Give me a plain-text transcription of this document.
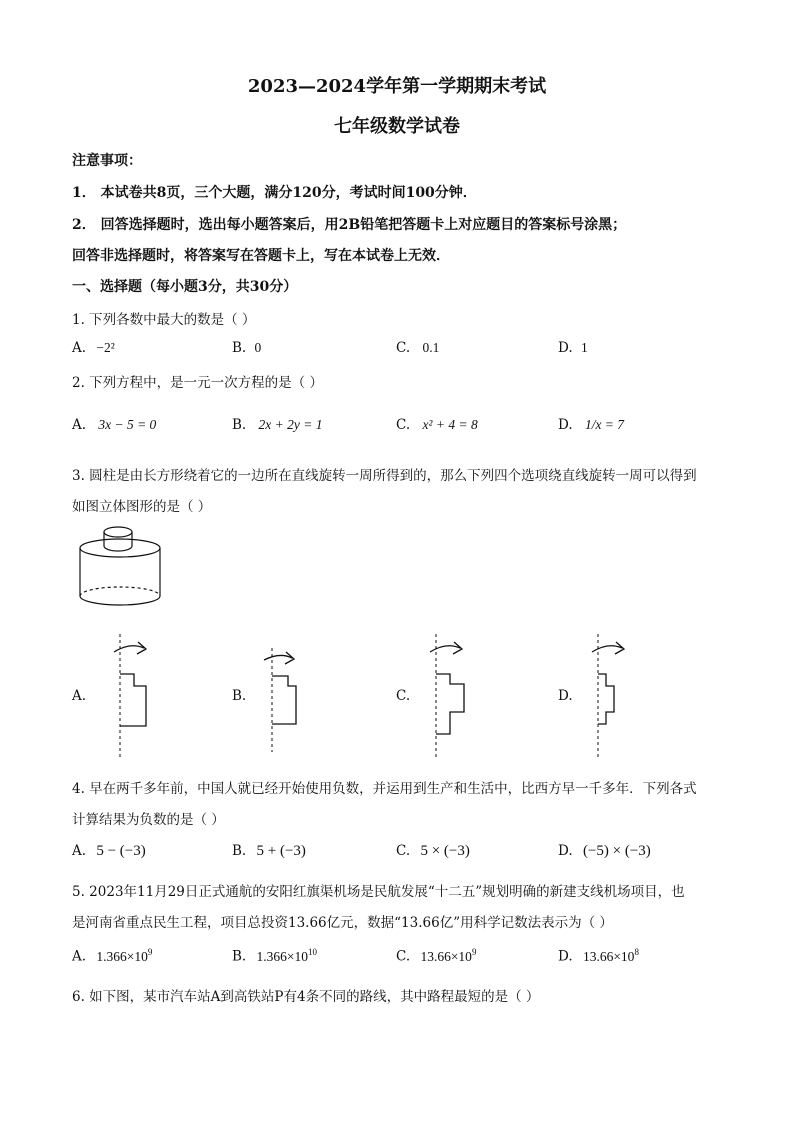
2023—2024学年第一学期期末考试
七年级数学试卷
注意事项：
1． 本试卷共8页，三个大题，满分120分，考试时间100分钟．
2． 回答选择题时，选出每小题答案后，用2B铅笔把答题卡上对应题目的答案标号涂黑；
回答非选择题时，将答案写在答题卡上，写在本试卷上无效．
一、选择题（每小题3分，共30分）
1. 下列各数中最大的数是（ ）
A. −2²	B. 0	C. 0.1	D. 1
2. 下列方程中，是一元一次方程的是（ ）
A. 3x − 5 = 0	B. 2x + 2y = 1	C. x² + 4 = 8	D. 1/x = 7
3. 圆柱是由长方形绕着它的一边所在直线旋转一周所得到的，那么下列四个选项绕直线旋转一周可以得到
如图立体图形的是（ ）
A.	B.	C.	D.
4. 早在两千多年前，中国人就已经开始使用负数，并运用到生产和生活中，比西方早一千多年．下列各式
计算结果为负数的是（ ）
A. 5 − (−3)	B. 5 + (−3)	C. 5 × (−3)	D. (−5) × (−3)
5. 2023年11月29日正式通航的安阳红旗渠机场是民航发展“十二五”规划明确的新建支线机场项目，也
是河南省重点民生工程，项目总投资13.66亿元，数据“13.66亿”用科学记数法表示为（ ）
A. $1.366\times 10^9$	B. $1.366\times 10^{10}$	C. $13.66\times 10^9$	D. $13.66\times 10^8$
6. 如下图，某市汽车站A到高铁站P有4条不同的路线，其中路程最短的是（ ）
